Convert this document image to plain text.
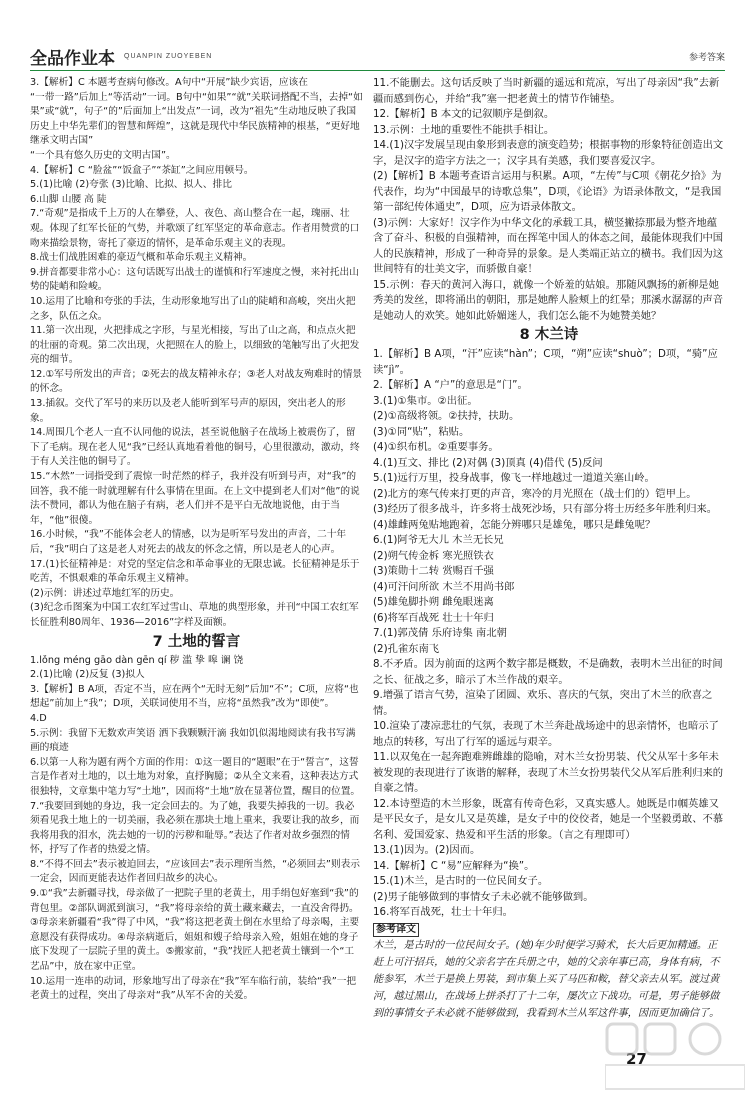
全品作业本 QUANPIN ZUOYEBEN	参考答案

3.【解析】C 本题考查病句修改。A句中“开展”缺少宾语，应该在

“一带一路”后加上“等活动”一词。B句中“如果”“就”关联词搭配不当，去掉“如果”或“就”，句子“的”后面加上“出发点”一词，改为“祖先“生动地反映了我国历史上中华先辈们的智慧和辉煌”，这就是现代中华民族精神的根基，“更好地继承文明古国”

“一个具有悠久历史的文明古国”。

4.【解析】C “脸盆”“饭盒子”“茶缸”之间应用顿号。

5.(1)比喻 (2)夸张 (3)比喻、比拟、拟人、排比

6.山脚 山腰 高 陡

7.“奇观”是指成千上万的人在攀登，人、夜色、高山整合在一起，瑰丽、壮观。体现了红军长征的气势，并歌颂了红军坚定的革命意志。作者用赞赏的口吻来描绘景物，寄托了豪迈的情怀，是革命乐观主义的表现。

8.战士们战胜困难的豪迈气概和革命乐观主义精神。

9.拼音都要非常小心：这句话既写出战士的谨慎和行军速度之慢，来衬托出山势的陡峭和险峻。

10.运用了比喻和夸张的手法，生动形象地写出了山的陡峭和高峻，突出火把之多，队伍之众。

11.第一次出现，火把排成之字形，与星光相接，写出了山之高，和点点火把的壮丽的奇观。第二次出现，火把照在人的脸上，以细致的笔触写出了火把发亮的细节。

12.①军号所发出的声音；②死去的战友精神永存；③老人对战友殉难时的情景的怀念。

13.插叙。交代了军号的来历以及老人能听到军号声的原因，突出老人的形象。

14.周围几个老人一直不认同他的说法，甚至说他脑子在战场上被震伤了，留下了毛病。现在老人见“我”已经认真地看着他的铜号，心里很激动，激动，终于有人关注他的铜号了。

15.“木然”一词指受到了震惊一时茫然的样子，我并没有听到号声，对“我”的回答，我不能一时就理解有什么事情在里面。在上文中提到老人们对“他”的说法不赞同，都认为他在脑子有病，老人们并不是平白无故地说他，由于当年，“他”很傻。

16.小时候，“我”不能体会老人的情感，以为是听军号发出的声音，二十年后，“我”明白了这是老人对死去的战友的怀念之情，所以是老人的心声。

17.(1)长征精神是：对党的坚定信念和革命事业的无限忠诚。长征精神是乐于吃苦，不惧艰难的革命乐观主义精神。

(2)示例：讲述过草地红军的历史。

(3)纪念币图案为中国工农红军过雪山、草地的典型形象，并刊“中国工农红军长征胜利80周年、1936—2016”字样及面额。

7 土地的誓言

1.lǒng méng gāo dàn gēn qí 秽 滥 挚 嗥 谰 饶

2.(1)比喻 (2)反复 (3)拟人

3.【解析】B A项，否定不当，应在两个“无时无刻”后加“不”；C项，应将“也想起”前加上“我”；D项，关联词使用不当，应将“虽然我”改为“即使”。

4.D

5.示例：我留下无数欢声笑语 洒下我颗颗汗滴 我如饥似渴地阅读有我书写满画的痕迹

6.以第一人称为题有两个方面的作用：①这一题目的“题眼”在于“誓言”，这誓言是作者对土地的，以土地为对象，直抒胸臆；②从全文来看，这种表达方式很独特，文章集中笔力写“土地”，因而将“土地”放在显著位置，醒目的位置。

7.“我要回到她的身边，我一定会回去的。为了她，我要失掉我的一切。我必须看见我土地上的一切美丽，我必须在那块土地上重来，我要让我的故乡，而我将用我的泪水，洗去她的一切的污秽和耻辱。”表达了作者对故乡强烈的情怀，抒写了作者的热爱之情。

8.“不得不回去”表示被迫回去，“应该回去”表示理所当然，“必须回去”则表示一定会，因而更能表达作者回归故乡的决心。

9.①“我”去新疆寻找，母亲做了一把院子里的老黄土，用手绢包好塞到“我”的背包里。②部队调派到演习，“我”将母亲给的黄土藏来藏去，一直没舍得扔。③母亲来新疆看“我”得了中风，“我”将这把老黄土倒在水里给了母亲喝，主要意愿没有获得成功。④母亲病逝后，姐姐和嫂子给母亲入殓，姐姐在她的身子底下发现了一层院子里的黄土。⑤搬家前，“我”找匠人把老黄土镶到一个“工艺品”中，放在家中正堂。

10.运用一连串的动词，形象地写出了母亲在“我”军车临行前，装给“我”一把老黄土的过程，突出了母亲对“我”从军不舍的关爱。

11.不能删去。这句话反映了当时新疆的遥远和荒凉，写出了母亲因“我”去新疆而感到伤心，并给“我”塞一把老黄土的情节作铺垫。

12.【解析】B 本文的记叙顺序是倒叙。

13.示例：土地的重要性不能拱手相让。

14.(1)汉字发展呈现由象形到表意的演变趋势；根据事物的形象特征创造出文字，是汉字的造字方法之一；汉字具有美感，我们要喜爱汉字。

(2)【解析】B 本题考查语言运用与积累。A项，“左传”与C项《朝花夕拾》为代表作，均为“中国最早的诗歌总集”，D项，《论语》为语录体散文，“是我国第一部纪传体通史”，D项，应为语录体散文。

(3)示例：大家好！汉字作为中华文化的承载工具，横竖撇捺那最为整齐地蕴含了奋斗、积极的自强精神，而在挥笔中国人的体态之间，最能体现我们中国人的民族精神，形成了一种奇异的景象。是人类端正站立的横书。我们因为这世间特有的壮美文字，而骄傲自豪！

15.示例：春天的黄河入海口，就像一个娇羞的姑娘。那随风飘扬的新柳是她秀美的发丝，即将涌出的朝阳，那是她醉人脸颊上的红晕；那溪水潺潺的声音是她动人的欢笑。她如此娇媚迷人，我们怎么能不为她赞美她？

8 木兰诗

1.【解析】B A项，“汗”应读“hàn”；C项，“朔”应读“shuò”；D项，“骑”应读“jì”。

2.【解析】A “户”的意思是“门”。

3.(1)①集市。②出征。

(2)①高级将领。②扶持，扶助。

(3)①同“贴”，粘贴。

(4)①织布机。②重要事务。

4.(1)互文、排比 (2)对偶 (3)顶真 (4)借代 (5)反问

5.(1)远行万里，投身战事，像飞一样地越过一道道关塞山岭。

(2)北方的寒气传来打更的声音，寒冷的月光照在（战士们的）铠甲上。

(3)经历了很多战斗，许多将士战死沙场，只有部分将士历经多年胜利归来。

(4)雄雌两兔贴地跑着，怎能分辨哪只是雄兔，哪只是雌兔呢？

6.(1)阿爷无大儿 木兰无长兄

(2)朔气传金柝 寒光照铁衣

(3)策勋十二转 赏赐百千强

(4)可汗问所欲 木兰不用尚书郎

(5)雄兔脚扑朔 雌兔眼迷离

(6)将军百战死 壮士十年归

7.(1)郭茂倩 乐府诗集 南北朝

(2)孔雀东南飞

8.不矛盾。因为前面的这两个数字都是概数，不是确数，表明木兰出征的时间之长、征战之多，暗示了木兰作战的艰辛。

9.增强了语言气势，渲染了团圆、欢乐、喜庆的气氛，突出了木兰的欣喜之情。

10.渲染了凄凉悲壮的气氛，表现了木兰奔赴战场途中的思亲情怀，也暗示了地点的转移，写出了行军的遥远与艰辛。

11.以双兔在一起奔跑难辨雌雄的隐喻，对木兰女扮男装、代父从军十多年未被发现的表现进行了诙谐的解释，表现了木兰女扮男装代父从军后胜利归来的自豪之情。

12.本诗塑造的木兰形象，既富有传奇色彩，又真实感人。她既是巾帼英雄又是平民女子，是女儿又是英雄，是女子中的佼佼者，她是一个坚毅勇敢、不慕名利、爱国爱家、热爱和平生活的形象。（言之有理即可）

13.(1)因为。(2)因而。

14.【解析】C “易”应解释为“换”。

15.(1)木兰，是古时的一位民间女子。

(2)男子能够做到的事情女子未必就不能够做到。

16.将军百战死，壮士十年归。

参考译文

木兰，是古时的一位民间女子。(她)年少时便学习骑术，长大后更加精通。正赶上可汗招兵，她的父亲名字在兵册之中，她的父亲年事已高，身体有病，不能参军，木兰于是换上男装，到市集上买了马匹和鞍，替父亲去从军。渡过黄河，越过黑山，在战场上拼杀打了十二年，屡次立下战功。可是，男子能够做到的事情女子未必就不能够做到，我看到木兰从军这件事，因而更加确信了。

27
